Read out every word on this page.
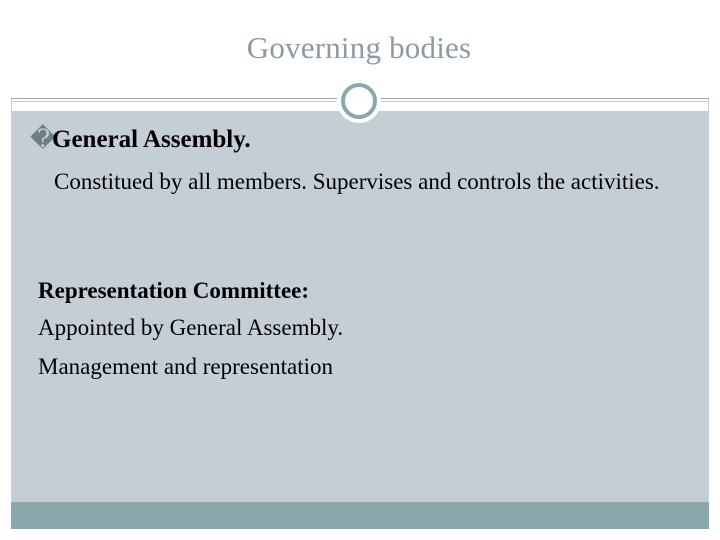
Governing bodies
�General Assembly.
Constitued by all members. Supervises and controls the activities.
Representation Committee:
Appointed by General Assembly.
Management and representation
